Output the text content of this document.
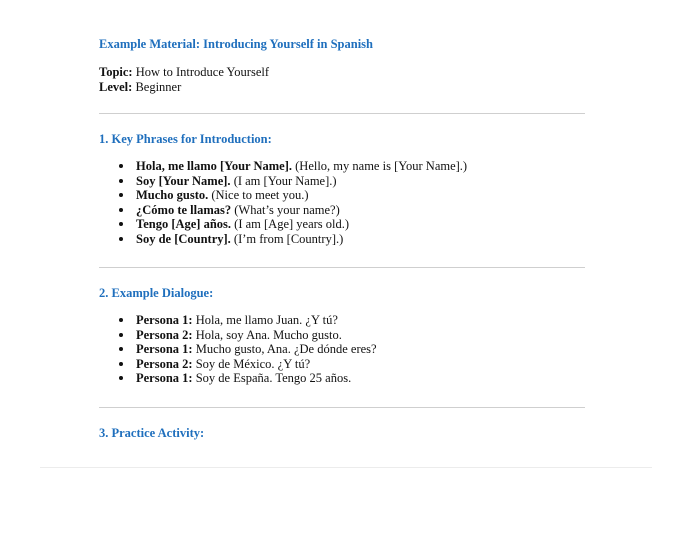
Example Material: Introducing Yourself in Spanish
Topic: How to Introduce Yourself
Level: Beginner
1. Key Phrases for Introduction:
Hola, me llamo [Your Name]. (Hello, my name is [Your Name].)
Soy [Your Name]. (I am [Your Name].)
Mucho gusto. (Nice to meet you.)
¿Cómo te llamas? (What’s your name?)
Tengo [Age] años. (I am [Age] years old.)
Soy de [Country]. (I’m from [Country].)
2. Example Dialogue:
Persona 1: Hola, me llamo Juan. ¿Y tú?
Persona 2: Hola, soy Ana. Mucho gusto.
Persona 1: Mucho gusto, Ana. ¿De dónde eres?
Persona 2: Soy de México. ¿Y tú?
Persona 1: Soy de España. Tengo 25 años.
3. Practice Activity:
